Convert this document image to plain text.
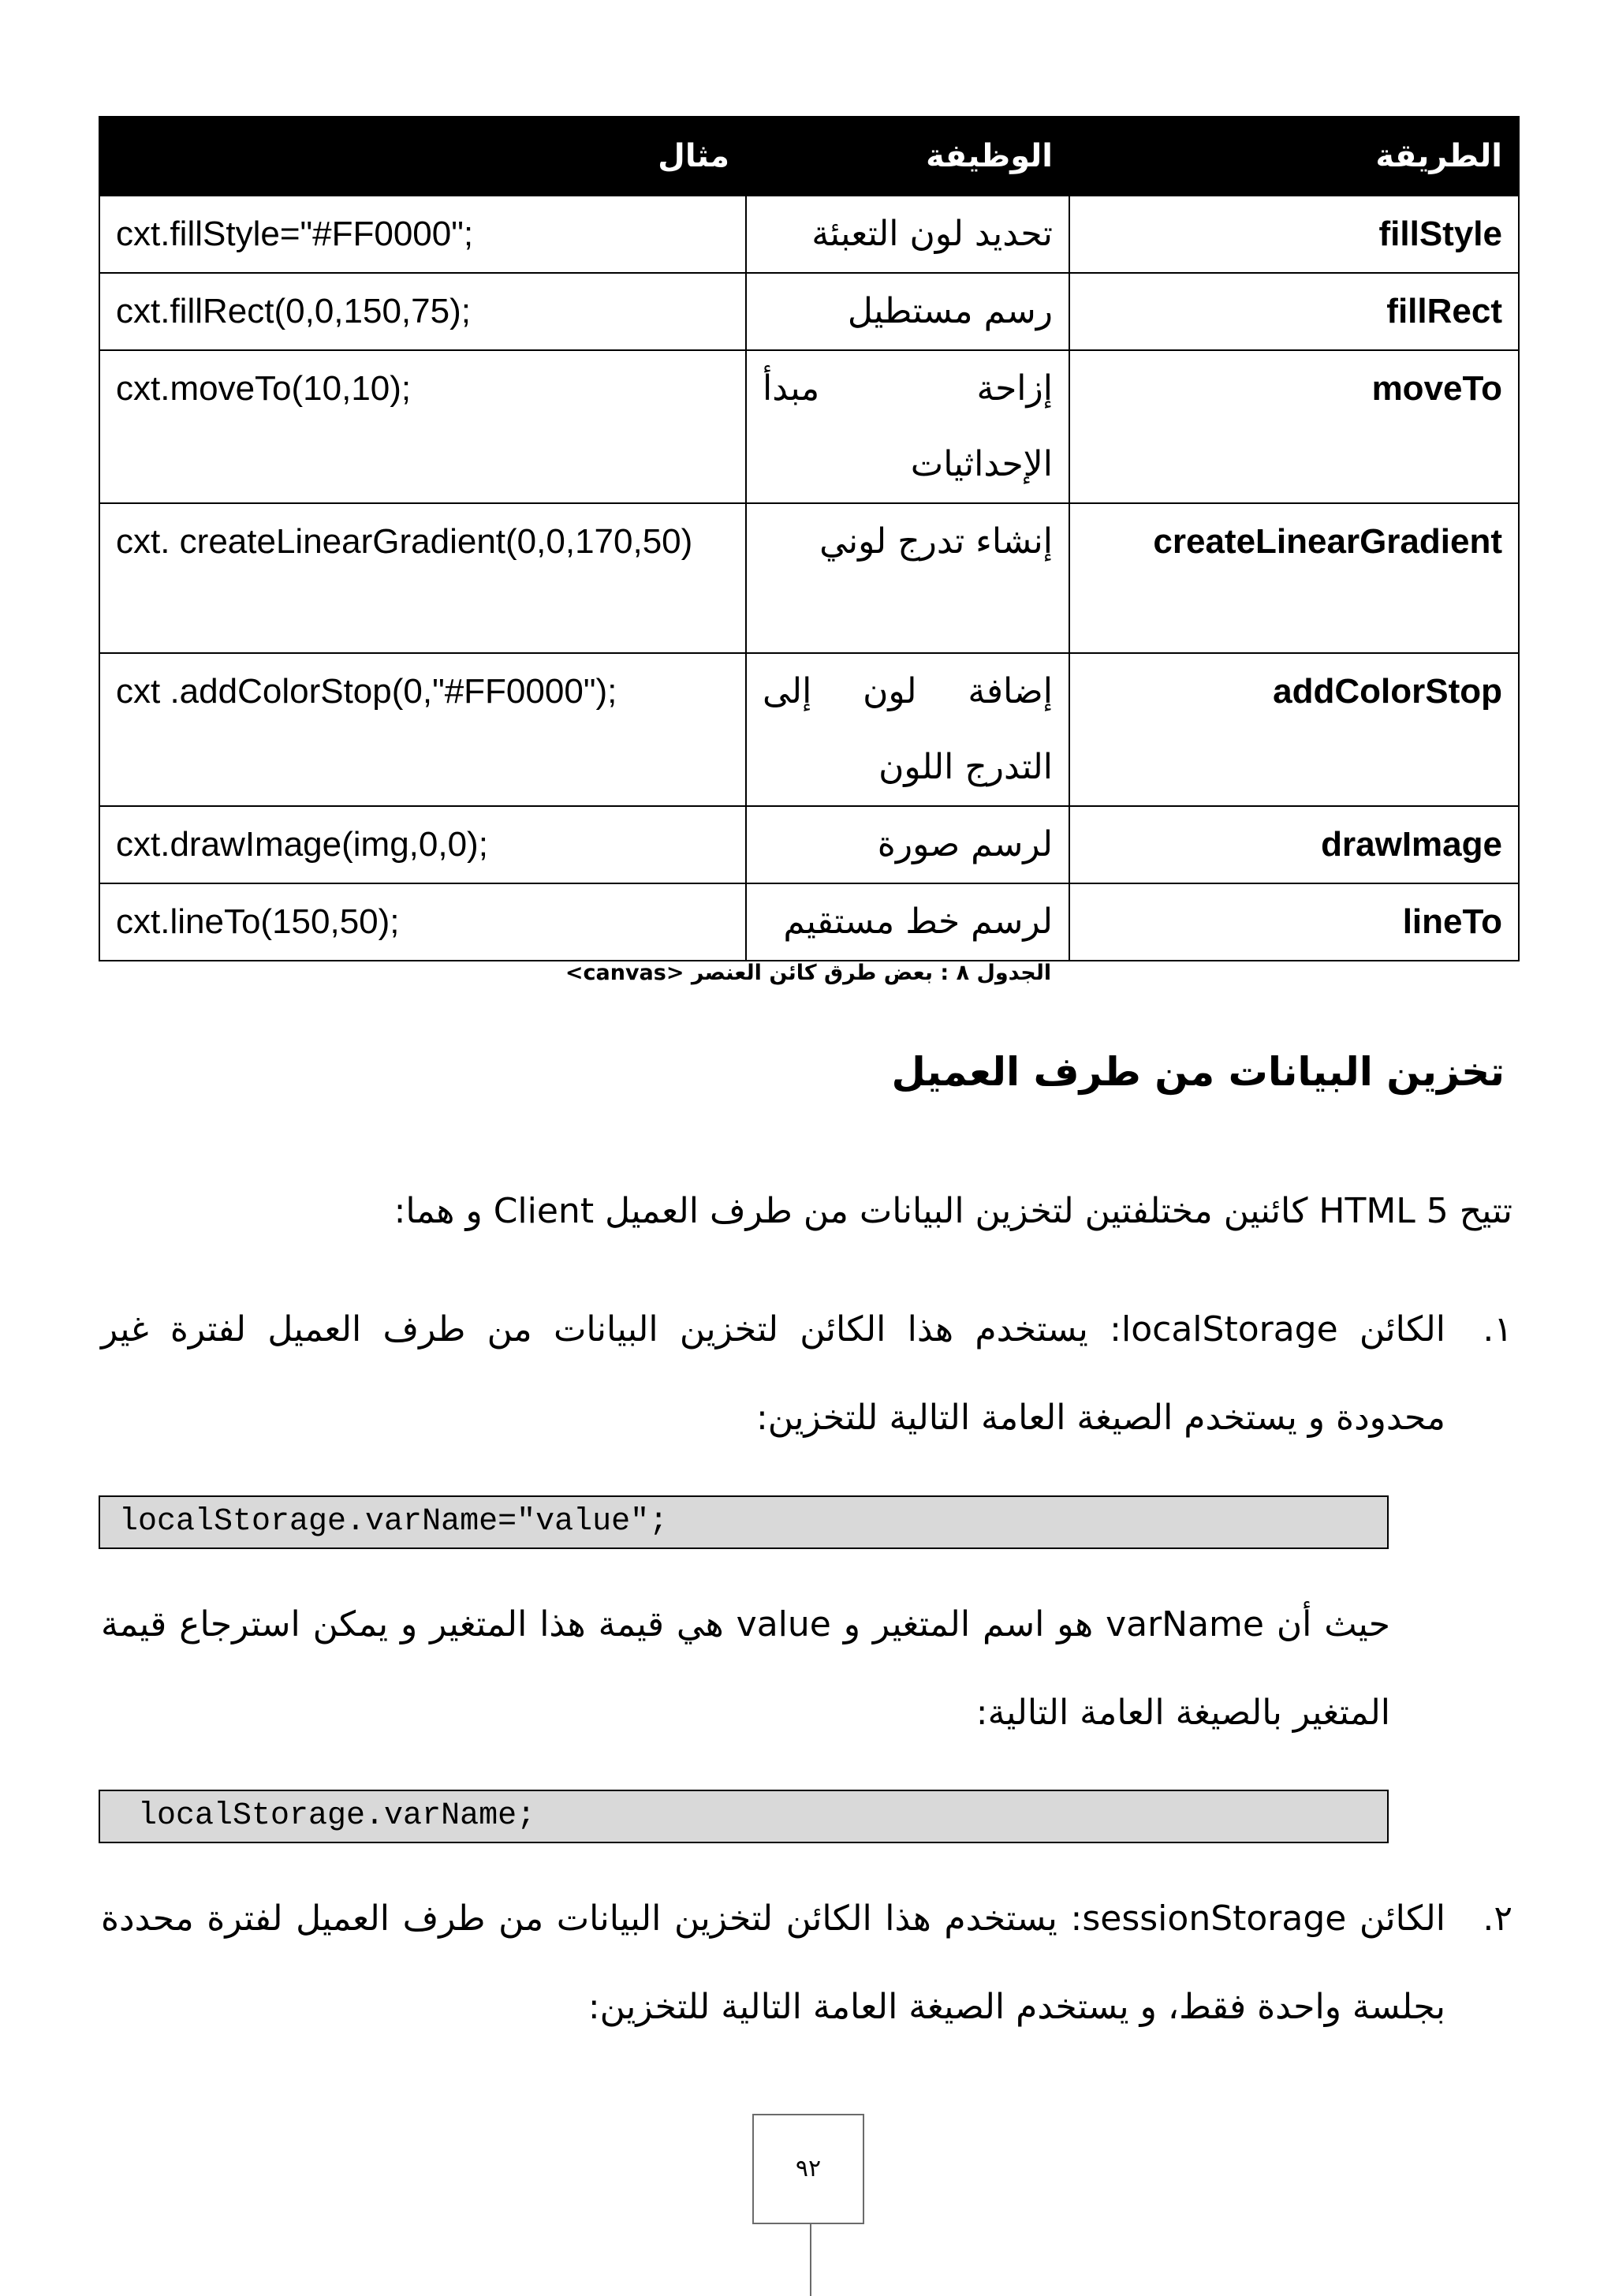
مثال	الوظيفة	الطريقة
cxt.fillStyle="#FF0000";	تحديد لون التعبئة	fillStyle
cxt.fillRect(0,0,150,75);	رسم مستطيل	fillRect
cxt.moveTo(10,10);	إزاحة مبدأ الإحداثيات	moveTo
cxt. createLinearGradient(0,0,170,50)	إنشاء تدرج لوني	createLinearGradient
cxt .addColorStop(0,"#FF0000");	إضافة لون إلى التدرج اللون	addColorStop
cxt.drawImage(img,0,0);	لرسم صورة	drawImage
cxt.lineTo(150,50);	لرسم خط مستقيم	lineTo
الجدول ٨ : بعض طرق كائن العنصر <canvas>
تخزين البيانات من طرف العميل
تتيح HTML 5 كائنين مختلفتين لتخزين البيانات من طرف العميل Client و هما:
١.
الكائن localStorage: يستخدم هذا الكائن لتخزين البيانات من طرف العميل لفترة غير محدودة و يستخدم الصيغة العامة التالية للتخزين:
localStorage.varName="value";
حيث أن varName هو اسم المتغير و value هي قيمة هذا المتغير و يمكن استرجاع قيمة المتغير بالصيغة العامة التالية:
localStorage.varName;
٢.
الكائن sessionStorage: يستخدم هذا الكائن لتخزين البيانات من طرف العميل لفترة محددة بجلسة واحدة فقط، و يستخدم الصيغة العامة التالية للتخزين:
٩٢
